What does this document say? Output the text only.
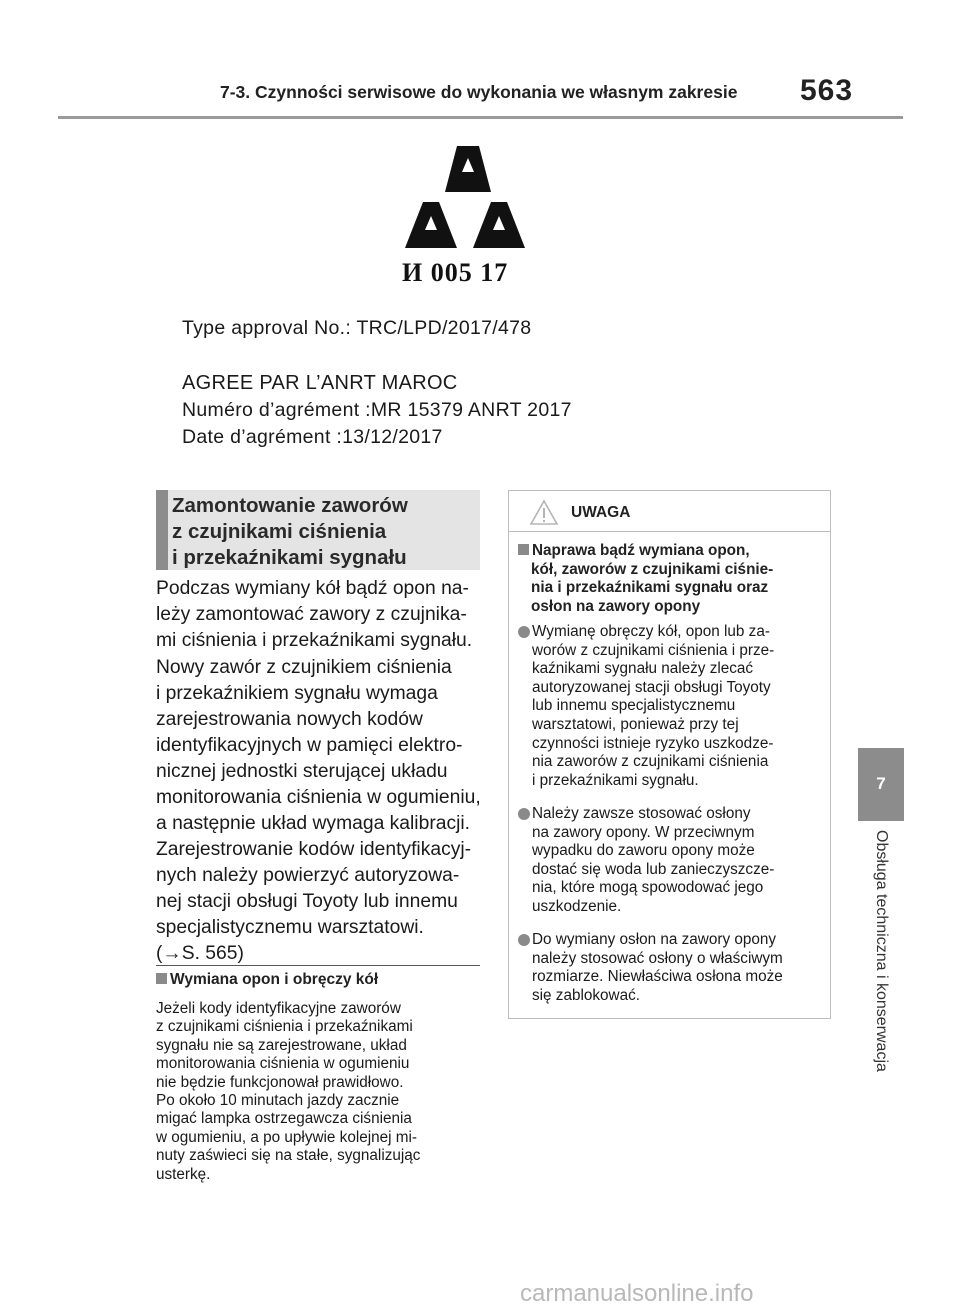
7-3. Czynności serwisowe do wykonania we własnym zakresie	563
И 005 17
Type approval No.: TRC/LPD/2017/478
AGREE PAR L’ANRT MAROC
Numéro d’agrément :MR 15379 ANRT 2017
Date d’agrément :13/12/2017
Zamontowanie zaworów
z czujnikami ciśnienia
i przekaźnikami sygnału
Podczas wymiany kół bądź opon na-
leży zamontować zawory z czujnika-
mi ciśnienia i przekaźnikami sygnału.
Nowy zawór z czujnikiem ciśnienia
i przekaźnikiem sygnału wymaga
zarejestrowania nowych kodów
identyfikacyjnych w pamięci elektro-
nicznej jednostki sterującej układu
monitorowania ciśnienia w ogumieniu,
a następnie układ wymaga kalibracji.
Zarejestrowanie kodów identyfikacyj-
nych należy powierzyć autoryzowa-
nej stacji obsługi Toyoty lub innemu
specjalistycznemu warsztatowi.
(→S. 565)
Wymiana opon i obręczy kół
Jeżeli kody identyfikacyjne zaworów
z czujnikami ciśnienia i przekaźnikami
sygnału nie są zarejestrowane, układ
monitorowania ciśnienia w ogumieniu
nie będzie funkcjonował prawidłowo.
Po około 10 minutach jazdy zacznie
migać lampka ostrzegawcza ciśnienia
w ogumieniu, a po upływie kolejnej mi-
nuty zaświeci się na stałe, sygnalizując
usterkę.
UWAGA
Naprawa bądź wymiana opon,
kół, zaworów z czujnikami ciśnie-
nia i przekaźnikami sygnału oraz
osłon na zawory opony
Wymianę obręczy kół, opon lub za-
worów z czujnikami ciśnienia i prze-
kaźnikami sygnału należy zlecać
autoryzowanej stacji obsługi Toyoty
lub innemu specjalistycznemu
warsztatowi, ponieważ przy tej
czynności istnieje ryzyko uszkodze-
nia zaworów z czujnikami ciśnienia
i przekaźnikami sygnału.
Należy zawsze stosować osłony
na zawory opony. W przeciwnym
wypadku do zaworu opony może
dostać się woda lub zanieczyszcze-
nia, które mogą spowodować jego
uszkodzenie.
Do wymiany osłon na zawory opony
należy stosować osłony o właściwym
rozmiarze. Niewłaściwa osłona może
się zablokować.
7
Obsługa techniczna i konserwacja
carmanualsonline.info
